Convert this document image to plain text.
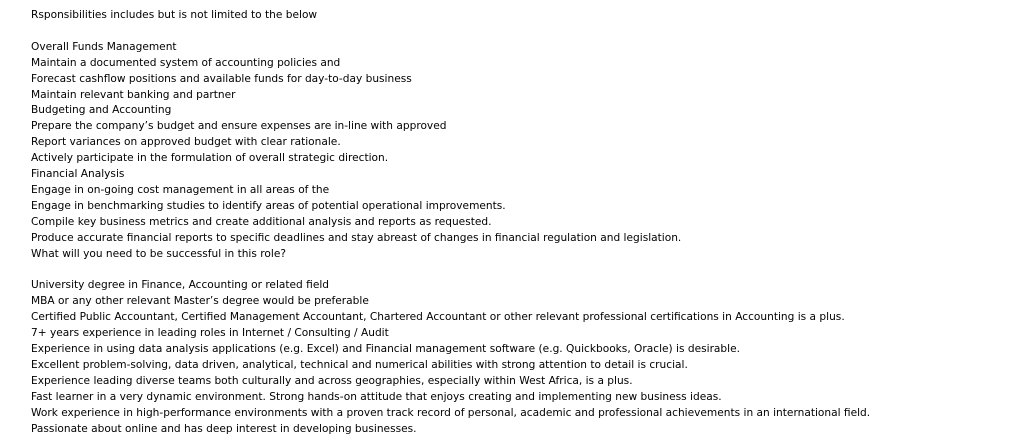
Rsponsibilities includes but is not limited to the below
Overall Funds Management
Maintain a documented system of accounting policies and
Forecast cashflow positions and available funds for day-to-day business
Maintain relevant banking and partner
Budgeting and Accounting
Prepare the company’s budget and ensure expenses are in-line with approved
Report variances on approved budget with clear rationale.
Actively participate in the formulation of overall strategic direction.
Financial Analysis
Engage in on-going cost management in all areas of the
Engage in benchmarking studies to identify areas of potential operational improvements.
Compile key business metrics and create additional analysis and reports as requested.
Produce accurate financial reports to specific deadlines and stay abreast of changes in financial regulation and legislation.
What will you need to be successful in this role?
University degree in Finance, Accounting or related field
MBA or any other relevant Master’s degree would be preferable
Certified Public Accountant, Certified Management Accountant, Chartered Accountant or other relevant professional certifications in Accounting is a plus.
7+ years experience in leading roles in Internet / Consulting / Audit
Experience in using data analysis applications (e.g. Excel) and Financial management software (e.g. Quickbooks, Oracle) is desirable.
Excellent problem-solving, data driven, analytical, technical and numerical abilities with strong attention to detail is crucial.
Experience leading diverse teams both culturally and across geographies, especially within West Africa, is a plus.
Fast learner in a very dynamic environment. Strong hands-on attitude that enjoys creating and implementing new business ideas.
Work experience in high-performance environments with a proven track record of personal, academic and professional achievements in an international field.
Passionate about online and has deep interest in developing businesses.
